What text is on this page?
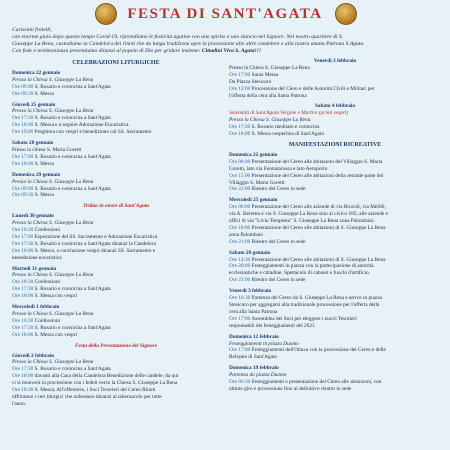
FESTA DI SANT'AGATA
Carissimi fratelli,
con enorme gioia dopo questo tempo Covid-19, riprendiamo le festività agatine con uno spirito e uno slancio nel Signore. Nel nostro quartiere di S.
Giuseppe La Rena, custodiamo la Candelora dei rinoti che da lunga tradizione apre la processione alle altre candelore e alla nostra amata Patrona S.Agata.
Con fede e testimonianza presentiamo dinanzi al popolo di Dio per gridare insieme: Cittadini Viva S. Agata!!!
CELEBRAZIONI LITURGICHE
Domenica 22 gennaio
Presso la Chiesa S. Giuseppe La Rena
Ore 09:00 S. Rosario e coroncina a Sant'Agata
Ore 09:30 S. Messa
Giovedì 25 gennaio
Presso la Chiesa S. Giuseppe La Rena
Ore 17:30 S. Rosario e coroncina a Sant'Agata
Ore 18:00 S. Messa e a seguire Adorazione Eucaristica.
Ore 19:00 Preghiera con vespri e benedizione col SS. Sacramento
Sabato 28 gennaio
Presso la chiesa S. Maria Goretti
Ore 17:00 S. Rosario e coroncina a Sant'Agata
Ore 18:00 S. Messa
Domenica 29 gennaio
Presso la Chiesa S. Giuseppe La Rena
Ore 09:00 S. Rosario e coroncina a Sant'Agata
Ore 09:30 S. Messa
Triduo in onore di Sant'Agata
Lunedì 30 gennaio
Presso la Chiesa S. Giuseppe La Rena
Ore 16:30 Confessioni
Ore 17:00 Esposizione del SS. Sacramento e Adorazione Eucaristica
Ore 17:30 S. Rosario e coroncina a Sant'Agata dinanzi la Candelora
Ore 18:00 S. Messa, a conclusione vespri dinanzi SS. Sacramento e
benedizione eucaristica
Martedì 31 gennaio
Presso la Chiesa S. Giuseppe La Rena
Ore 16:30 Confessioni
Ore 17:30 S. Rosario e coroncina a Sant'Agata
Ore 18:00 S. Messa con vespri
Mercoledì 1 febbraio
Presso la Chiesa S. Giuseppe La Rena
Ore 16:30 Confessioni
Ore 17:30 S. Rosario e coroncina a Sant'Agata
Ore 18:00 S. Messa con vespri
Festa della Presentazione del Signore
Giovedì 2 febbraio
Presso la Chiesa S. Giuseppe La Rena
Ore 17:30 S. Rosario e coroncina a Sant'Agata
Ore 18:00 davanti alla Casa della Candelora Benedizione delle candele; da qui
ci si muoverà in processione con i fedeli verso la Chiesa S. Giuseppe La Rena
Ore 18:30 S. Messa; All'offertorio, i Soci Tesorieri del Cereo Rinoti
offriranno i ceri liturgici che arderanno dinanzi al tabernacolo per tutto
l'anno.
Venerdì 3 febbraio
Presso la Chiesa S. Giuseppe La Rena
Ore 17:00 Santa Messa
Da Piazza Stesicoro
Ore 12:00 Processione del Clero e delle Autorità Civili e Militari per
l'offerta della cera alla Santa Patrona
Sabato 4 febbraio
Solennità di Sant'Agata Vergine e Martire (primi vespri)
Presso la Chiesa S. Giuseppe La Rena
Ore 17:30 S. Rosario meditato e coroncina
Ore 18:00 S. Messa vespertina di Sant'Agata
MANIFESTAZIONI RICREATIVE
Domenica 22 gennaio
Ore 08:00 Presentazione del Cereo alle abitazioni del Villaggio S. Maria
Goretti, lato via Fontanarossa e lato Aeroporto
Ore 15:00 Presentazione del Cereo alle abitazioni della restante parte del
Villaggio S. Maria Goretti
Ore 22:00 Rientro del Cereo in sede
Mercoledì 25 gennaio
Ore 08:00 Presentazione del Cereo alle aziende di via Brucoli, via Melilli,
via A. Berretta e via S. Giuseppe La Rena sino al civico 185; alle aziende e
uffici di via "Livio Tempesta" S. Giuseppe La Rena zona Palombaio.
Ore 18:00 Presentazione del Cereo alle abitazioni di S. Giuseppe La Rena
zona Palombaio
Ore 21:00 Rientro del Cereo in sede
Sabato 28 gennaio
Ore 14:30 Presentazione del Cereo alle abitazioni di S. Giuseppe La Rena
Ore 20:00 Festeggiamenti in piazza con la partecipazione di autorità
ecclesiastiche e cittadine. Spettacolo di cabaret e fuochi d'artificio.
Ore 22:00 Rientro del Cereo in sede
Venerdì 3 febbraio
Ore 16:30 Partenza del Cereo da S. Giuseppe La Rena e arrivo in piazza
Stesicoro per aggregarsi alla tradizionale processione per l'offerta della
cera alla Santa Patrona
Ore 17:00 Assemblea dei Soci per eleggere i nuovi Tesorieri
responsabili dei festeggiamenti del 2023
Domenica 12 febbraio
Festeggiamenti in piazza Duomo
Ore 17:00 Festeggiamenti dell'Ottava con la processione del Cereo e delle
Reliquie di Sant'Agata
Domenica 19 febbraio
Partenza da piazza Duomo
Ore 06:30 Festeggiamenti e presentazione del Cereo alle abitazioni, con
ultimo giro e processione fino al definitivo rientro in sede
